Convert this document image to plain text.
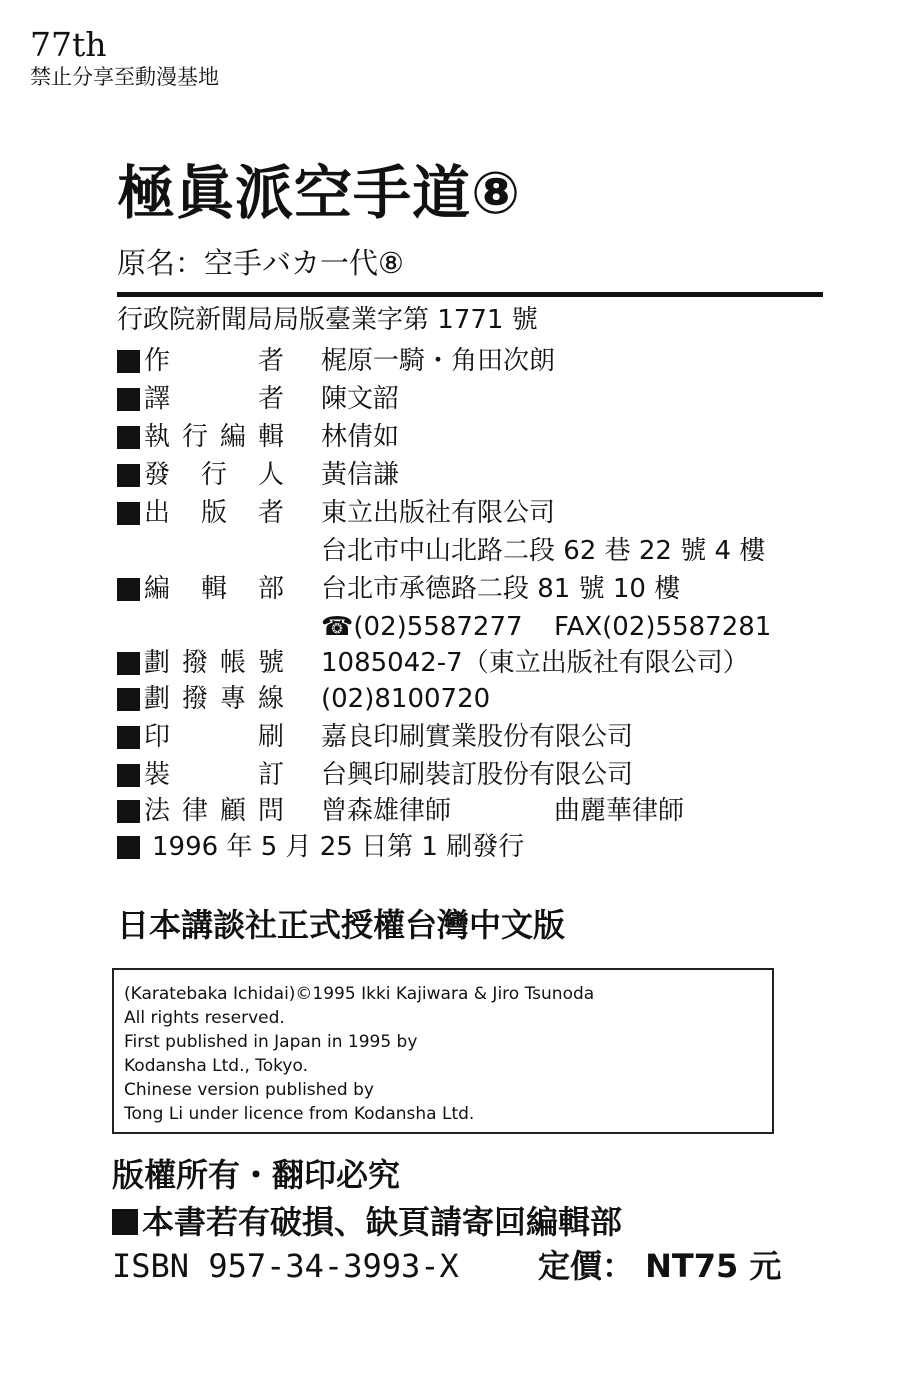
77th
禁止分享至動漫基地
極眞派空手道⑧
原名：空手バカ一代⑧
行政院新聞局局版臺業字第 1771 號
作	者 梶原一騎・角田次朗
譯	者 陳文韶
執 行 編 輯 林倩如
發 行 人 黃信謙
出 版 者 東立出版社有限公司
台北市中山北路二段 62 巷 22 號 4 樓
編 輯 部 台北市承德路二段 81 號 10 樓
☎(02)5587277 FAX(02)5587281
劃 撥 帳 號 1085042-7（東立出版社有限公司）
劃 撥 專 線 (02)8100720
印	刷 嘉良印刷實業股份有限公司
裝	訂 台興印刷裝訂股份有限公司
法 律 顧 問 曾森雄律師	曲麗華律師
1996 年 5 月 25 日第 1 刷發行
日本講談社正式授權台灣中文版
(Karatebaka Ichidai)©1995 Ikki Kajiwara & Jiro Tsunoda
All rights reserved.
First published in Japan in 1995 by
Kodansha Ltd., Tokyo.
Chinese version published by
Tong Li under licence from Kodansha Ltd.
版權所有・翻印必究
本書若有破損、缺頁請寄回編輯部
ISBN 957-34-3993-X 定價： NT75 元
